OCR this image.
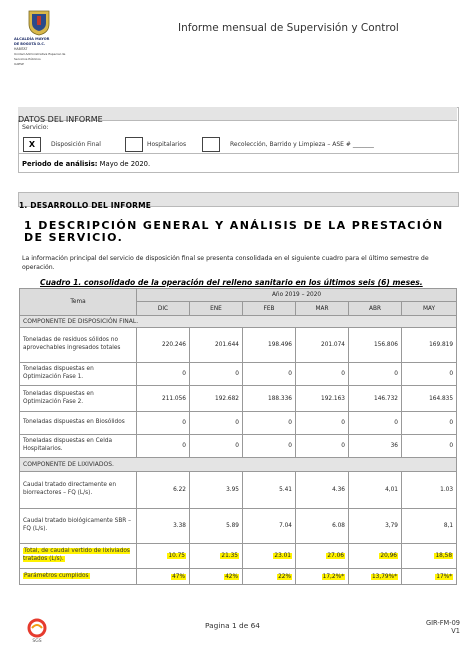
ALCALDÍA MAYOR
DE BOGOTÁ D.C.
HABITAT
Unidad Administrativa Especial de
Servicios Públicos
UAESP
Informe mensual de Supervisión y Control
DATOS DEL INFORME
Servicio:
X	Disposición Final	Hospitalarios	Recolección, Barrido y Limpieza – ASE # _______
Periodo de análisis: Mayo de 2020.
1. DESARROLLO DEL INFORME
1 DESCRIPCIÓN GENERAL Y ANÁLISIS DE LA PRESTACIÓN DE SERVICIO.
La información principal del servicio de disposición final se presenta consolidada en el siguiente cuadro para el último semestre de operación.
Cuadro 1. consolidado de la operación del relleno sanitario en los últimos seis (6) meses.
Tema	Año 2019 – 2020					
	DIC	ENE	FEB	MAR	ABR	MAY
COMPONENTE DE DISPOSICIÓN FINAL.						
Toneladas de residuos sólidos no aprovechables ingresados totales	220.246	201.644	198.496	201.074	156.806	169.819
Toneladas dispuestas en Optimización Fase 1.	0	0	0	0	0	0
Toneladas dispuestas en Optimización Fase 2.	211.056	192.682	188.336	192.163	146.732	164.835
Toneladas dispuestas en Biosólidos	0	0	0	0	0	0
Toneladas dispuestas en Celda Hospitalarios.	0	0	0	0	36	0
COMPONENTE DE LIXIVIADOS.						
Caudal tratado directamente en biorreactores – FQ (L/s).	6.22	3.95	5.41	4.36	4,01	1.03
Caudal tratado biológicamente SBR – FQ (L/s).	3.38	5.89	7.04	6.08	3,79	8,1
Total, de caudal vertido de lixiviados tratados (L/s).	10.75	21.35	23.01	27.06	20,96	18,58
Parámetros cumplidos	47%	42%	22%	17,2%*	13,79%*	17%*
SGS
Pagina 1 de 64	GIR-FM-09
V1
